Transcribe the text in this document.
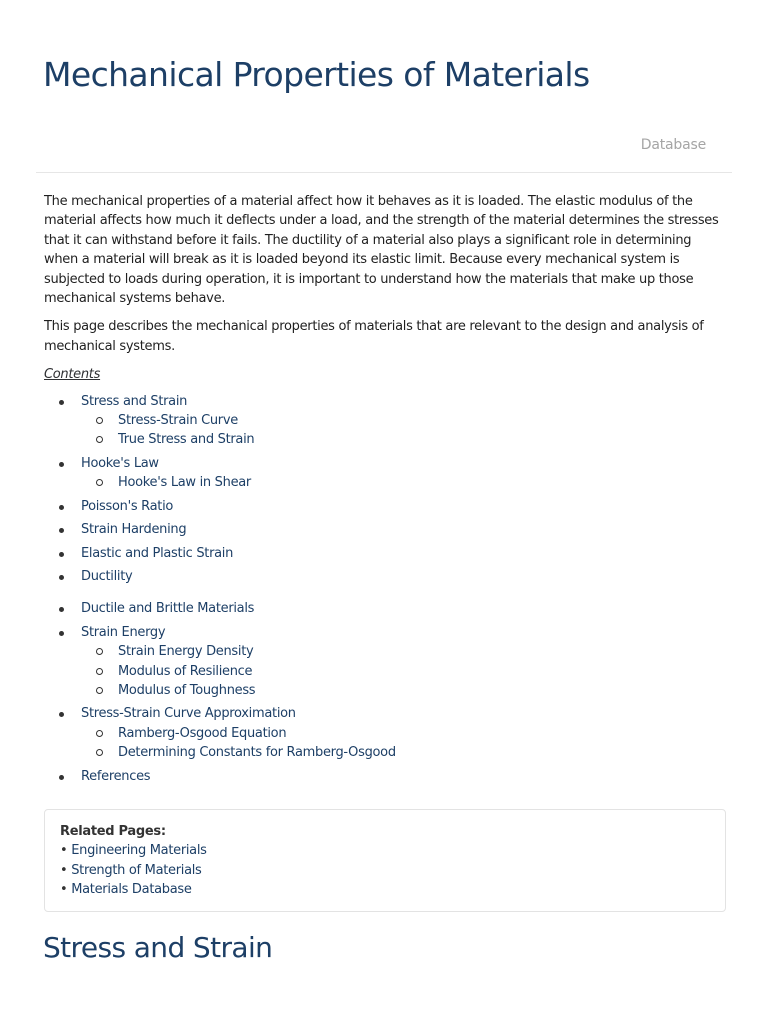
Mechanical Properties of Materials
Database

The mechanical properties of a material affect how it behaves as it is loaded. The elastic modulus of the material affects how much it deflects under a load, and the strength of the material determines the stresses that it can withstand before it fails. The ductility of a material also plays a significant role in determining when a material will break as it is loaded beyond its elastic limit. Because every mechanical system is subjected to loads during operation, it is important to understand how the materials that make up those mechanical systems behave.

This page describes the mechanical properties of materials that are relevant to the design and analysis of mechanical systems.

Contents
Stress and Strain
Stress-Strain Curve
True Stress and Strain
Hooke's Law
Hooke's Law in Shear
Poisson's Ratio
Strain Hardening
Elastic and Plastic Strain
Ductility
Ductile and Brittle Materials
Strain Energy
Strain Energy Density
Modulus of Resilience
Modulus of Toughness
Stress-Strain Curve Approximation
Ramberg-Osgood Equation
Determining Constants for Ramberg-Osgood
References
Related Pages:
• Engineering Materials
• Strength of Materials
• Materials Database
Stress and Strain
